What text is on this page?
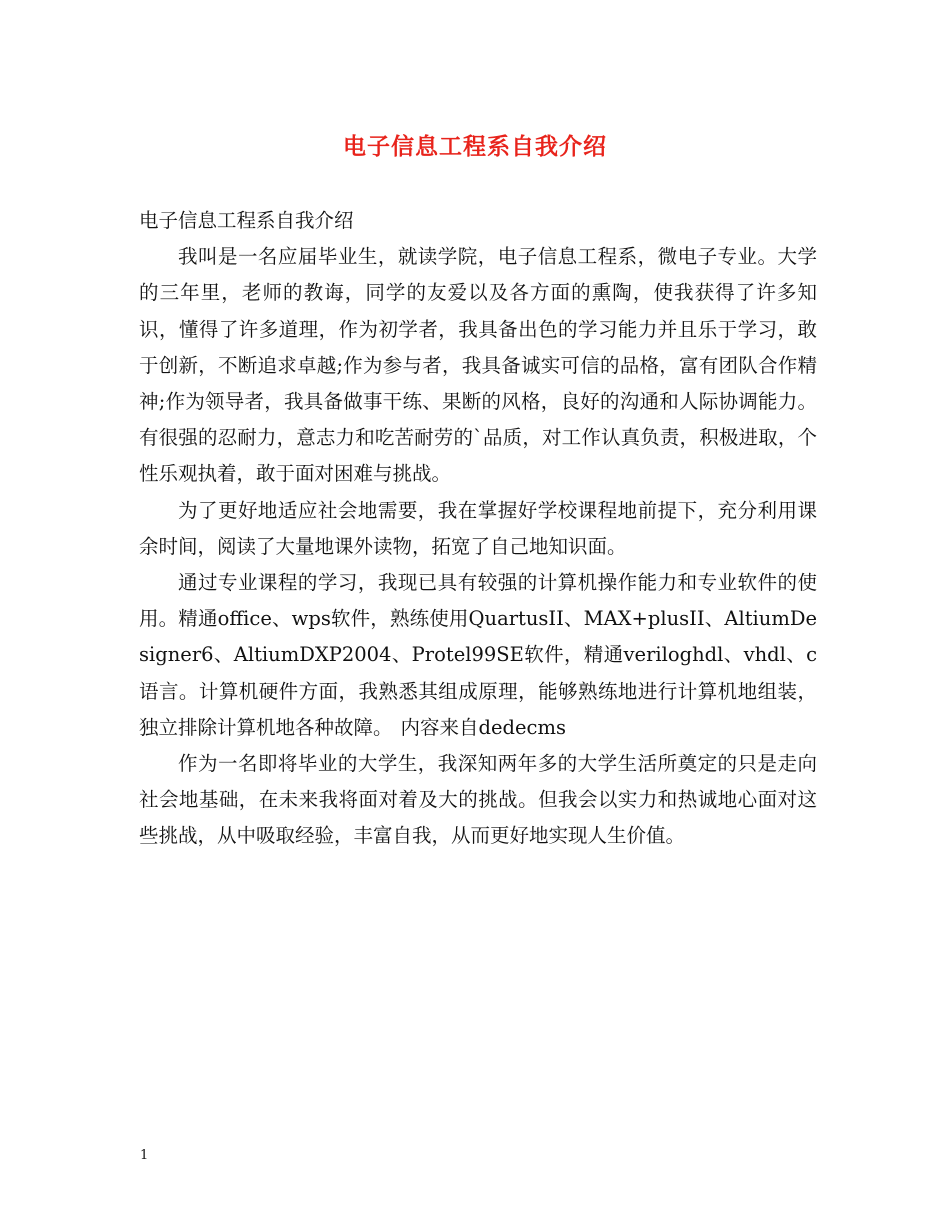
电子信息工程系自我介绍

电子信息工程系自我介绍

我叫是一名应届毕业生，就读学院，电子信息工程系，微电子专业。大学的三年里，老师的教诲，同学的友爱以及各方面的熏陶，使我获得了许多知识，懂得了许多道理，作为初学者，我具备出色的学习能力并且乐于学习，敢于创新，不断追求卓越;作为参与者，我具备诚实可信的品格，富有团队合作精神;作为领导者，我具备做事干练、果断的风格，良好的沟通和人际协调能力。有很强的忍耐力，意志力和吃苦耐劳的`品质，对工作认真负责，积极进取，个性乐观执着，敢于面对困难与挑战。

为了更好地适应社会地需要，我在掌握好学校课程地前提下，充分利用课余时间，阅读了大量地课外读物，拓宽了自己地知识面。

通过专业课程的学习，我现已具有较强的计算机操作能力和专业软件的使用。精通office、wps软件，熟练使用QuartusII、MAX+plusII、AltiumDesigner6、AltiumDXP2004、Protel99SE软件，精通veriloghdl、vhdl、c语言。计算机硬件方面，我熟悉其组成原理，能够熟练地进行计算机地组装，独立排除计算机地各种故障。 内容来自dedecms

作为一名即将毕业的大学生，我深知两年多的大学生活所奠定的只是走向社会地基础，在未来我将面对着及大的挑战。但我会以实力和热诚地心面对这些挑战，从中吸取经验，丰富自我，从而更好地实现人生价值。

1
